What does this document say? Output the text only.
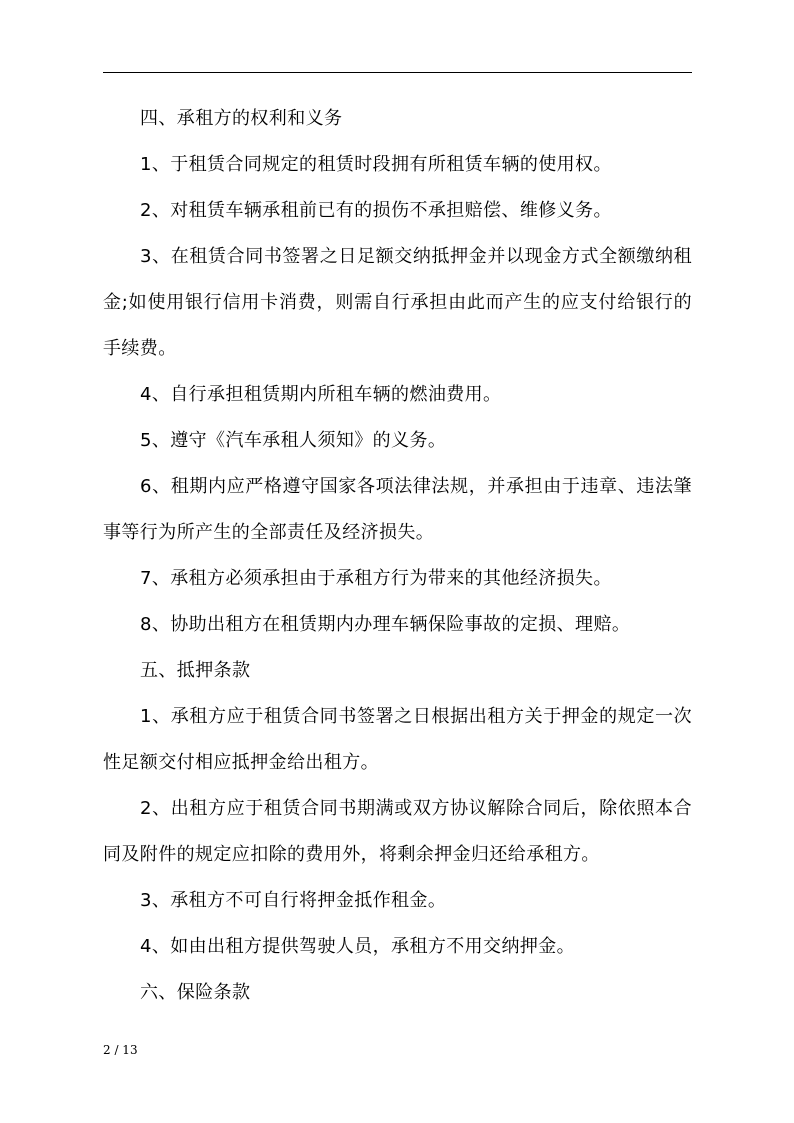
四、承租方的权利和义务

1、于租赁合同规定的租赁时段拥有所租赁车辆的使用权。

2、对租赁车辆承租前已有的损伤不承担赔偿、维修义务。

3、在租赁合同书签署之日足额交纳抵押金并以现金方式全额缴纳租金;如使用银行信用卡消费，则需自行承担由此而产生的应支付给银行的手续费。

4、自行承担租赁期内所租车辆的燃油费用。

5、遵守《汽车承租人须知》的义务。

6、租期内应严格遵守国家各项法律法规，并承担由于违章、违法肇事等行为所产生的全部责任及经济损失。

7、承租方必须承担由于承租方行为带来的其他经济损失。

8、协助出租方在租赁期内办理车辆保险事故的定损、理赔。

五、抵押条款

1、承租方应于租赁合同书签署之日根据出租方关于押金的规定一次性足额交付相应抵押金给出租方。

2、出租方应于租赁合同书期满或双方协议解除合同后，除依照本合同及附件的规定应扣除的费用外，将剩余押金归还给承租方。

3、承租方不可自行将押金抵作租金。

4、如由出租方提供驾驶人员，承租方不用交纳押金。

六、保险条款

2 / 13
